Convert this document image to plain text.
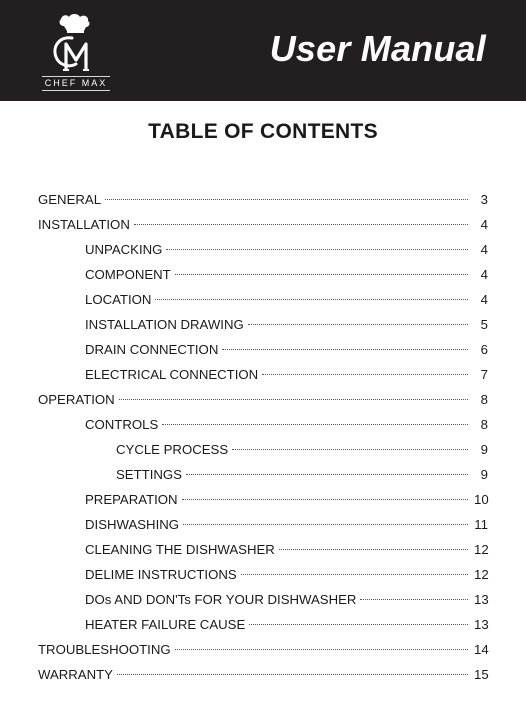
CHEF MAX
User Manual
TABLE OF CONTENTS
GENERAL	3
INSTALLATION	4
UNPACKING	4
COMPONENT	4
LOCATION	4
INSTALLATION DRAWING	5
DRAIN CONNECTION	6
ELECTRICAL CONNECTION	7
OPERATION	8
CONTROLS	8
CYCLE PROCESS	9
SETTINGS	9
PREPARATION	10
DISHWASHING	11
CLEANING THE DISHWASHER	12
DELIME INSTRUCTIONS	12
DOs AND DON'Ts FOR YOUR DISHWASHER	13
HEATER FAILURE CAUSE	13
TROUBLESHOOTING	14
WARRANTY	15
